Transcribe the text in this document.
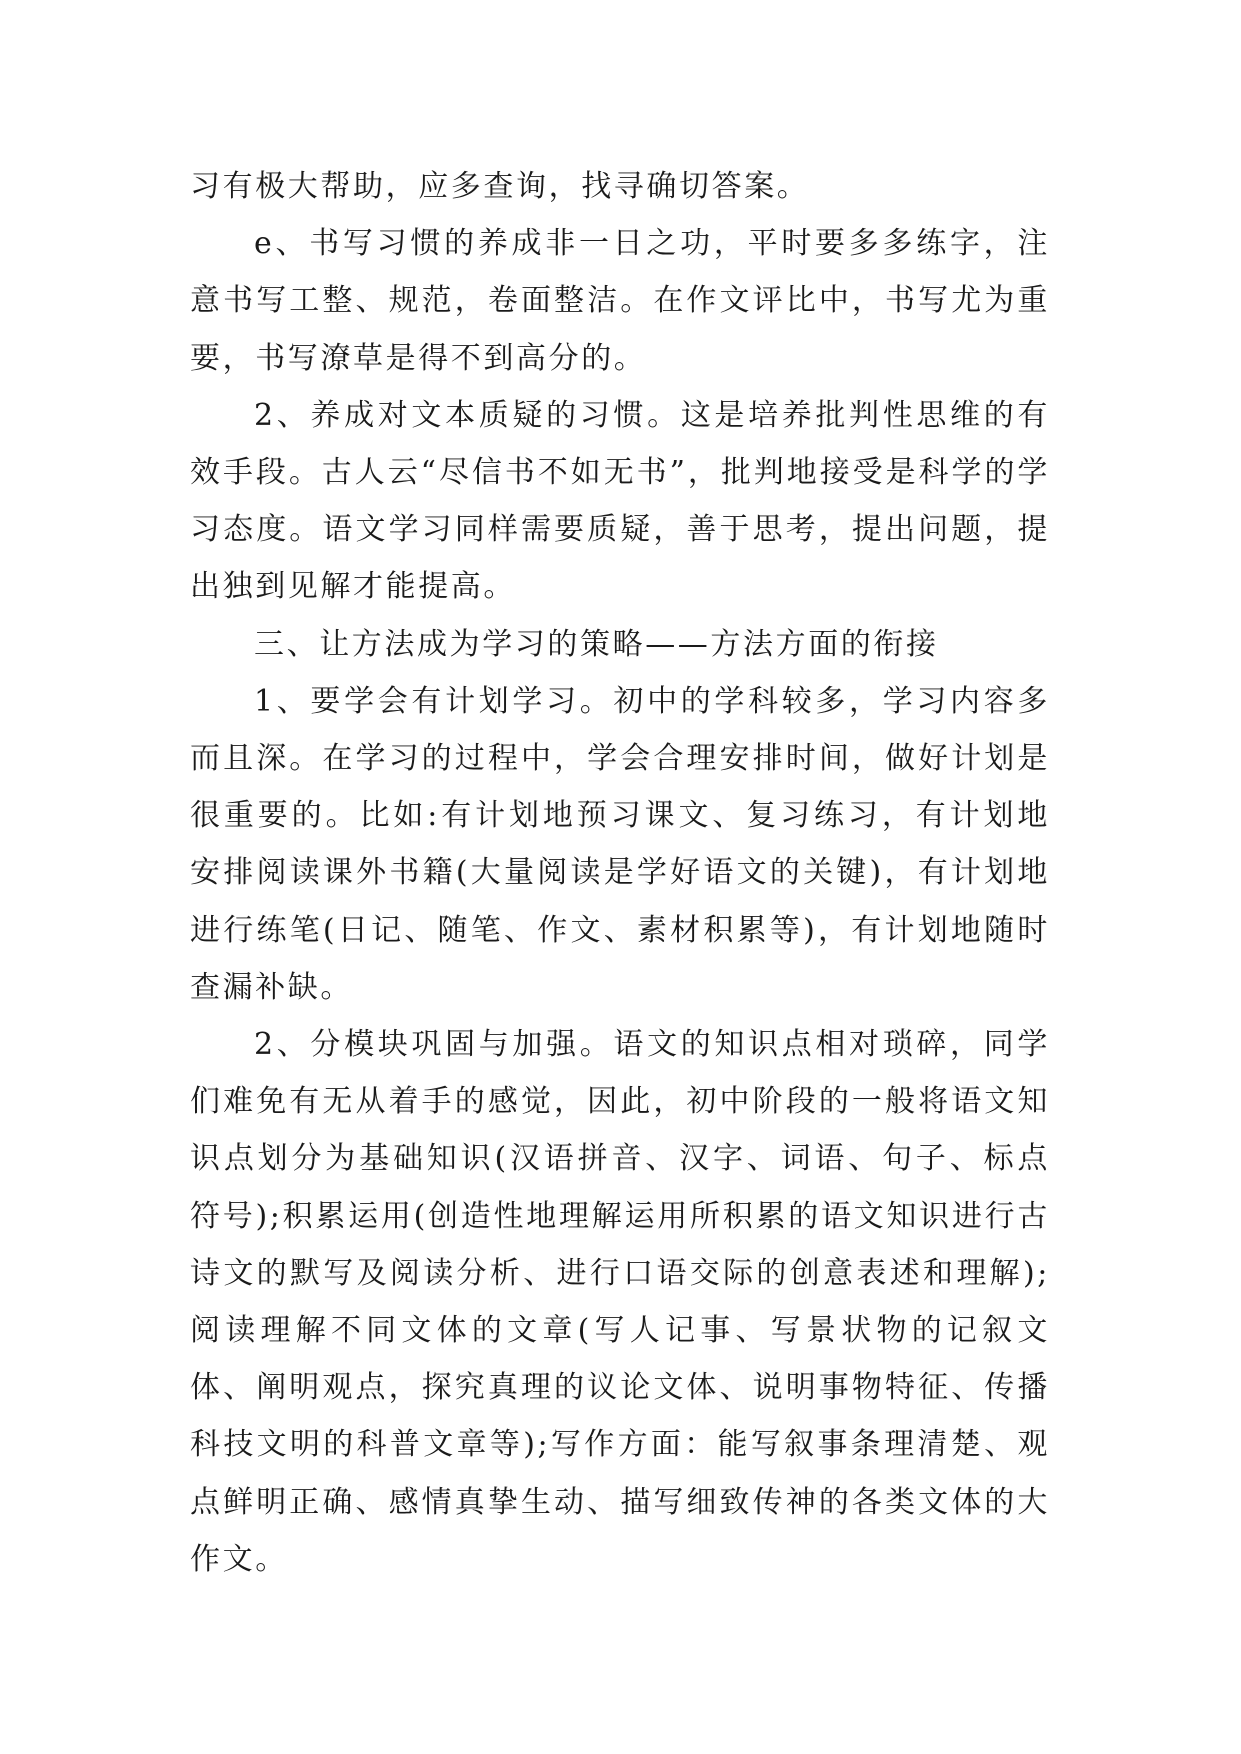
习有极大帮助，应多查询，找寻确切答案。

e、书写习惯的养成非一日之功，平时要多多练字，注意书写工整、规范，卷面整洁。在作文评比中，书写尤为重要，书写潦草是得不到高分的。

2、养成对文本质疑的习惯。这是培养批判性思维的有效手段。古人云“尽信书不如无书”，批判地接受是科学的学习态度。语文学习同样需要质疑，善于思考，提出问题，提出独到见解才能提高。

三、让方法成为学习的策略——方法方面的衔接

1、要学会有计划学习。初中的学科较多，学习内容多而且深。在学习的过程中，学会合理安排时间，做好计划是很重要的。比如:有计划地预习课文、复习练习，有计划地安排阅读课外书籍(大量阅读是学好语文的关键)，有计划地进行练笔(日记、随笔、作文、素材积累等)，有计划地随时查漏补缺。

2、分模块巩固与加强。语文的知识点相对琐碎，同学们难免有无从着手的感觉，因此，初中阶段的一般将语文知识点划分为基础知识(汉语拼音、汉字、词语、句子、标点符号);积累运用(创造性地理解运用所积累的语文知识进行古诗文的默写及阅读分析、进行口语交际的创意表述和理解);阅读理解不同文体的文章(写人记事、写景状物的记叙文体、阐明观点，探究真理的议论文体、说明事物特征、传播科技文明的科普文章等);写作方面：能写叙事条理清楚、观点鲜明正确、感情真挚生动、描写细致传神的各类文体的大作文。
